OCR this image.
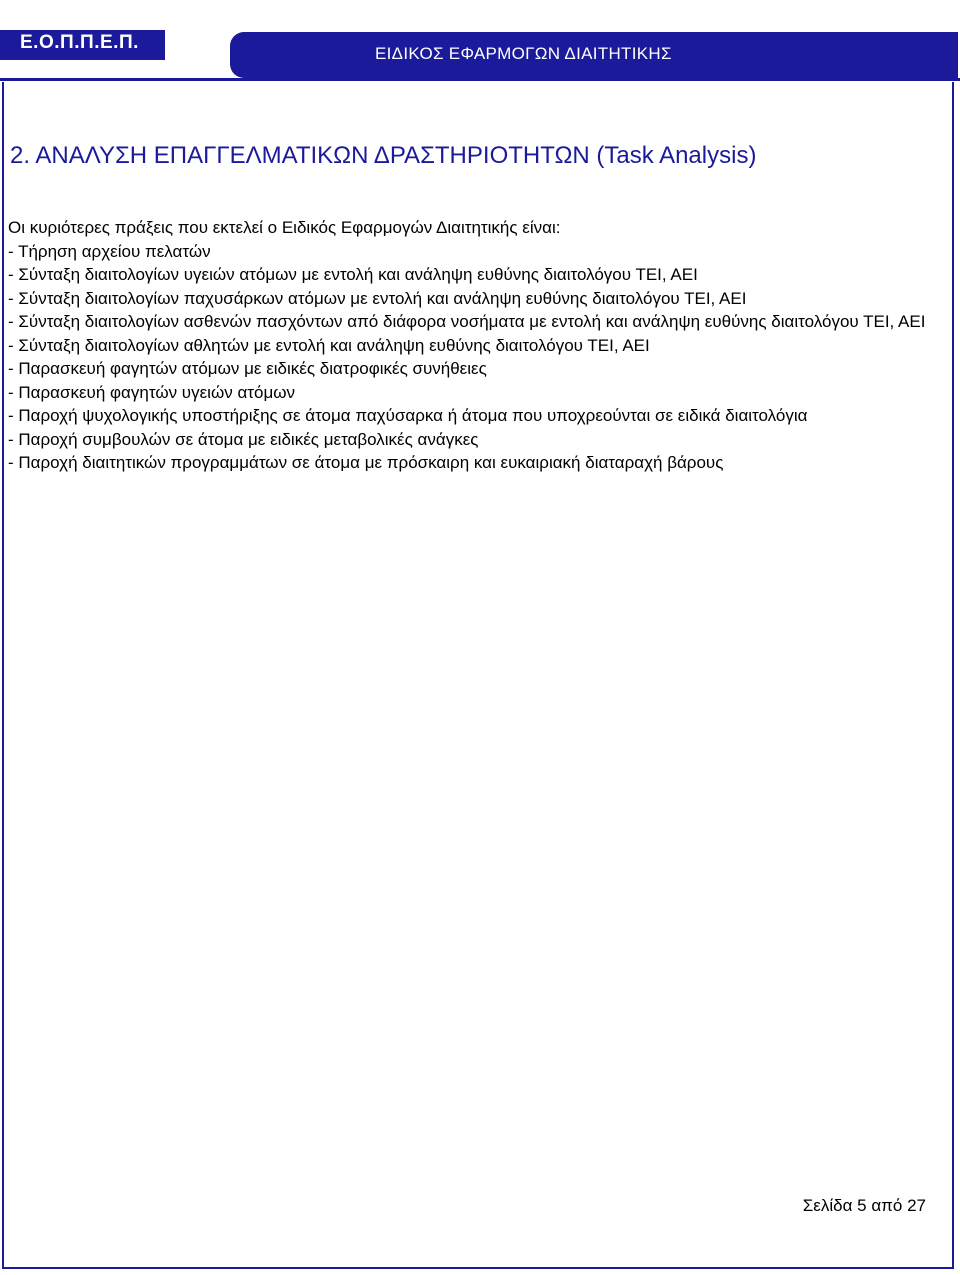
Ε.Ο.Π.Π.Ε.Π.
ΕΙΔΙΚΟΣ ΕΦΑΡΜΟΓΩΝ ΔΙΑΙΤΗΤΙΚΗΣ
2. ΑΝΑΛΥΣΗ ΕΠΑΓΓΕΛΜΑΤΙΚΩΝ ΔΡΑΣΤΗΡΙΟΤΗΤΩΝ (Task Analysis)

Οι κυριότερες πράξεις που εκτελεί ο Ειδικός Εφαρμογών Διαιτητικής είναι:

- Τήρηση αρχείου πελατών

- Σύνταξη διαιτολογίων υγειών ατόμων με εντολή και ανάληψη ευθύνης διαιτολόγου ΤΕΙ, ΑΕΙ

- Σύνταξη διαιτολογίων παχυσάρκων ατόμων με εντολή και ανάληψη ευθύνης διαιτολόγου ΤΕΙ, ΑΕΙ

- Σύνταξη διαιτολογίων ασθενών πασχόντων από διάφορα νοσήματα με εντολή και ανάληψη ευθύνης διαιτολόγου ΤΕΙ, ΑΕΙ

- Σύνταξη διαιτολογίων αθλητών με εντολή και ανάληψη ευθύνης διαιτολόγου ΤΕΙ, ΑΕΙ

- Παρασκευή φαγητών ατόμων με ειδικές διατροφικές συνήθειες

- Παρασκευή φαγητών υγειών ατόμων

- Παροχή ψυχολογικής υποστήριξης σε άτομα παχύσαρκα ή άτομα που υποχρεούνται σε ειδικά διαιτολόγια

- Παροχή συμβουλών σε άτομα με ειδικές μεταβολικές ανάγκες

- Παροχή διαιτητικών προγραμμάτων σε άτομα με πρόσκαιρη και ευκαιριακή διαταραχή βάρους

Σελίδα 5 από 27
